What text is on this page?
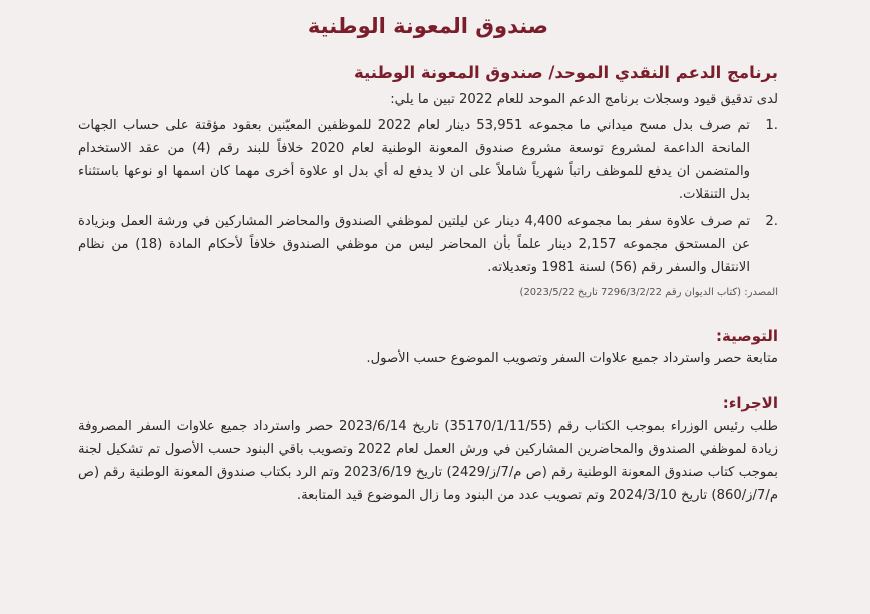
صندوق المعونة الوطنية
برنامج الدعم النقدي الموحد/ صندوق المعونة الوطنية
لدى تدقيق قيود وسجلات برنامج الدعم الموحد للعام 2022 تبين ما يلي:
1.
تم صرف بدل مسح ميداني ما مجموعه 53,951 دينار لعام 2022 للموظفين المعيّنين بعقود مؤقتة على حساب الجهات المانحة الداعمة لمشروع توسعة مشروع صندوق المعونة الوطنية لعام 2020 خلافاً للبند رقم (4) من عقد الاستخدام والمتضمن ان يدفع للموظف راتباً شهرياً شاملاً على ان لا يدفع له أي بدل او علاوة أخرى مهما كان اسمها او نوعها باستثناء بدل التنقلات.
2.
تم صرف علاوة سفر بما مجموعه 4,400 دينار عن ليلتين لموظفي الصندوق والمحاضر المشاركين في ورشة العمل وبزيادة عن المستحق مجموعه 2,157 دينار علماً بأن المحاضر ليس من موظفي الصندوق خلافاً لأحكام المادة (18) من نظام الانتقال والسفر رقم (56) لسنة 1981 وتعديلاته.
المصدر: (كتاب الديوان رقم 7296/3/2/22 تاريخ 2023/5/22)
التوصية:
متابعة حصر واسترداد جميع علاوات السفر وتصويب الموضوع حسب الأصول.
الاجراء:
طلب رئيس الوزراء بموجب الكتاب رقم (35170/1/11/55) تاريخ 2023/6/14 حصر واسترداد جميع علاوات السفر المصروفة زيادة لموظفي الصندوق والمحاضرين المشاركين في ورش العمل لعام 2022 وتصويب باقي البنود حسب الأصول تم تشكيل لجنة بموجب كتاب صندوق المعونة الوطنية رقم (ص م/7/ز/2429) تاريخ 2023/6/19 وتم الرد بكتاب صندوق المعونة الوطنية رقم (ص م/7/ز/860) تاريخ 2024/3/10 وتم تصويب عدد من البنود وما زال الموضوع قيد المتابعة.
